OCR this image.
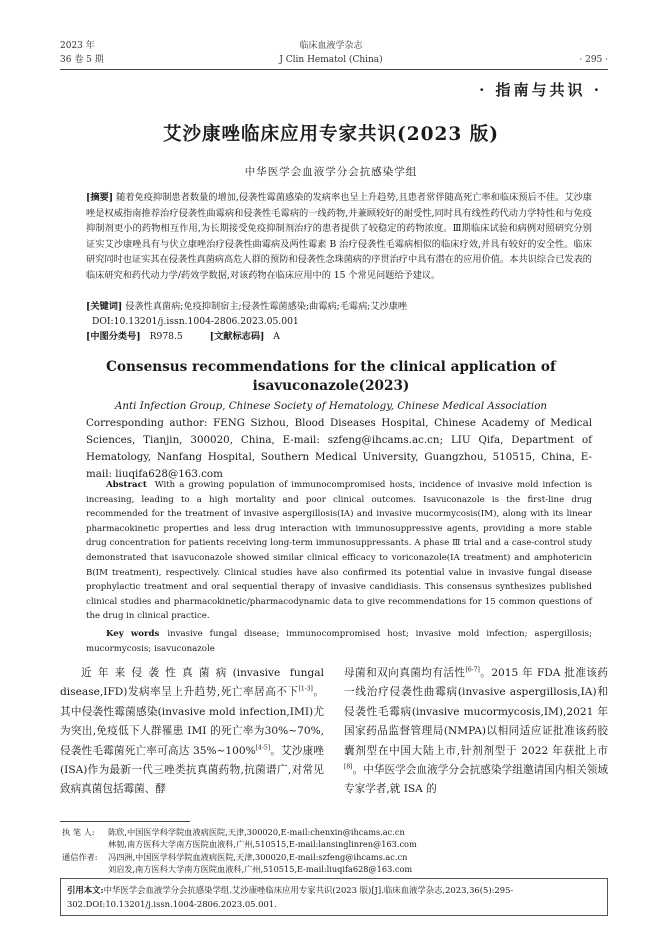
2023 年
36 卷 5 期
临床血液学杂志
J Clin Hematol (China)	· 295 ·
· 指南与共识 ·
艾沙康唑临床应用专家共识(2023 版)
中华医学会血液学分会抗感染学组
[摘要] 随着免疫抑制患者数量的增加,侵袭性霉菌感染的发病率也呈上升趋势,且患者常伴随高死亡率和临床预后不佳。艾沙康唑是权威指南推荐治疗侵袭性曲霉病和侵袭性毛霉病的一线药物,并兼顾较好的耐受性,同时具有线性药代动力学特性和与免疫抑制剂更小的药物相互作用,为长期接受免疫抑制剂治疗的患者提供了较稳定的药物浓度。Ⅲ期临床试验和病例对照研究分别证实艾沙康唑具有与伏立康唑治疗侵袭性曲霉病及两性霉素 B 治疗侵袭性毛霉病相似的临床疗效,并具有较好的安全性。临床研究同时也证实其在侵袭性真菌病高危人群的预防和侵袭性念珠菌病的序贯治疗中具有潜在的应用价值。本共识综合已发表的临床研究和药代动力学/药效学数据,对该药物在临床应用中的 15 个常见问题给予建议。
[关键词] 侵袭性真菌病;免疫抑制宿主;侵袭性霉菌感染;曲霉病;毛霉病;艾沙康唑
DOI:10.13201/j.issn.1004-2806.2023.05.001
[中图分类号] R978.5	[文献标志码] A
Consensus recommendations for the clinical application of
isavuconazole(2023)
Anti Infection Group, Chinese Society of Hematology, Chinese Medical Association
Corresponding author: FENG Sizhou, Blood Diseases Hospital, Chinese Academy of Medical Sciences, Tianjin, 300020, China, E-mail: szfeng@ihcams.ac.cn; LIU Qifa, Department of Hematology, Nanfang Hospital, Southern Medical University, Guangzhou, 510515, China, E-mail: liuqifa628@163.com
Abstract With a growing population of immunocompromised hosts, incidence of invasive mold infection is increasing, leading to a high mortality and poor clinical outcomes. Isavuconazole is the first-line drug recommended for the treatment of invasive aspergillosis(IA) and invasive mucormycosis(IM), along with its linear pharmacokinetic properties and less drug interaction with immunosuppressive agents, providing a more stable drug concentration for patients receiving long-term immunosuppressants. A phase Ⅲ trial and a case-control study demonstrated that isavuconazole showed similar clinical efficacy to voriconazole(IA treatment) and amphotericin B(IM treatment), respectively. Clinical studies have also confirmed its potential value in invasive fungal disease prophylactic treatment and oral sequential therapy of invasive candidiasis. This consensus synthesizes published clinical studies and pharmacokinetic/pharmacodynamic data to give recommendations for 15 common questions of the drug in clinical practice.
Key words invasive fungal disease; immunocompromised host; invasive mold infection; aspergillosis; mucormycosis; isavuconazole
近年来侵袭性真菌病(invasive fungal disease,IFD)发病率呈上升趋势,死亡率居高不下[1-3]。其中侵袭性霉菌感染(invasive mold infection,IMI)尤为突出,免疫低下人群罹患 IMI 的死亡率为30%~70%,侵袭性毛霉菌死亡率可高达 35%~100%[4-5]。艾沙康唑(ISA)作为最新一代三唑类抗真菌药物,抗菌谱广,对常见致病真菌包括霉菌、酵
母菌和双向真菌均有活性[6-7]。2015 年 FDA 批准该药一线治疗侵袭性曲霉病(invasive aspergillosis,IA)和侵袭性毛霉病(invasive mucormycosis,IM),2021 年国家药品监督管理局(NMPA)以相同适应证批准该药胶囊剂型在中国大陆上市,针剂剂型于 2022 年获批上市[8]。中华医学会血液学分会抗感染学组邀请国内相关领域专家学者,就 ISA 的
执 笔 人: 陈欣,中国医学科学院血液病医院,天津,300020,E-mail:chenxin@ihcams.ac.cn
林韧,南方医科大学南方医院血液科,广州,510515,E-mail:lansinglinren@163.com
通信作者: 冯四洲,中国医学科学院血液病医院,天津,300020,E-mail:szfeng@ihcams.ac.cn
刘启发,南方医科大学南方医院血液科,广州,510515,E-mail:liuqifa628@163.com
引用本文:中华医学会血液学分会抗感染学组.艾沙康唑临床应用专家共识(2023 版)[J].临床血液学杂志,2023,36(5):295-302.DOI:10.13201/j.issn.1004-2806.2023.05.001.
